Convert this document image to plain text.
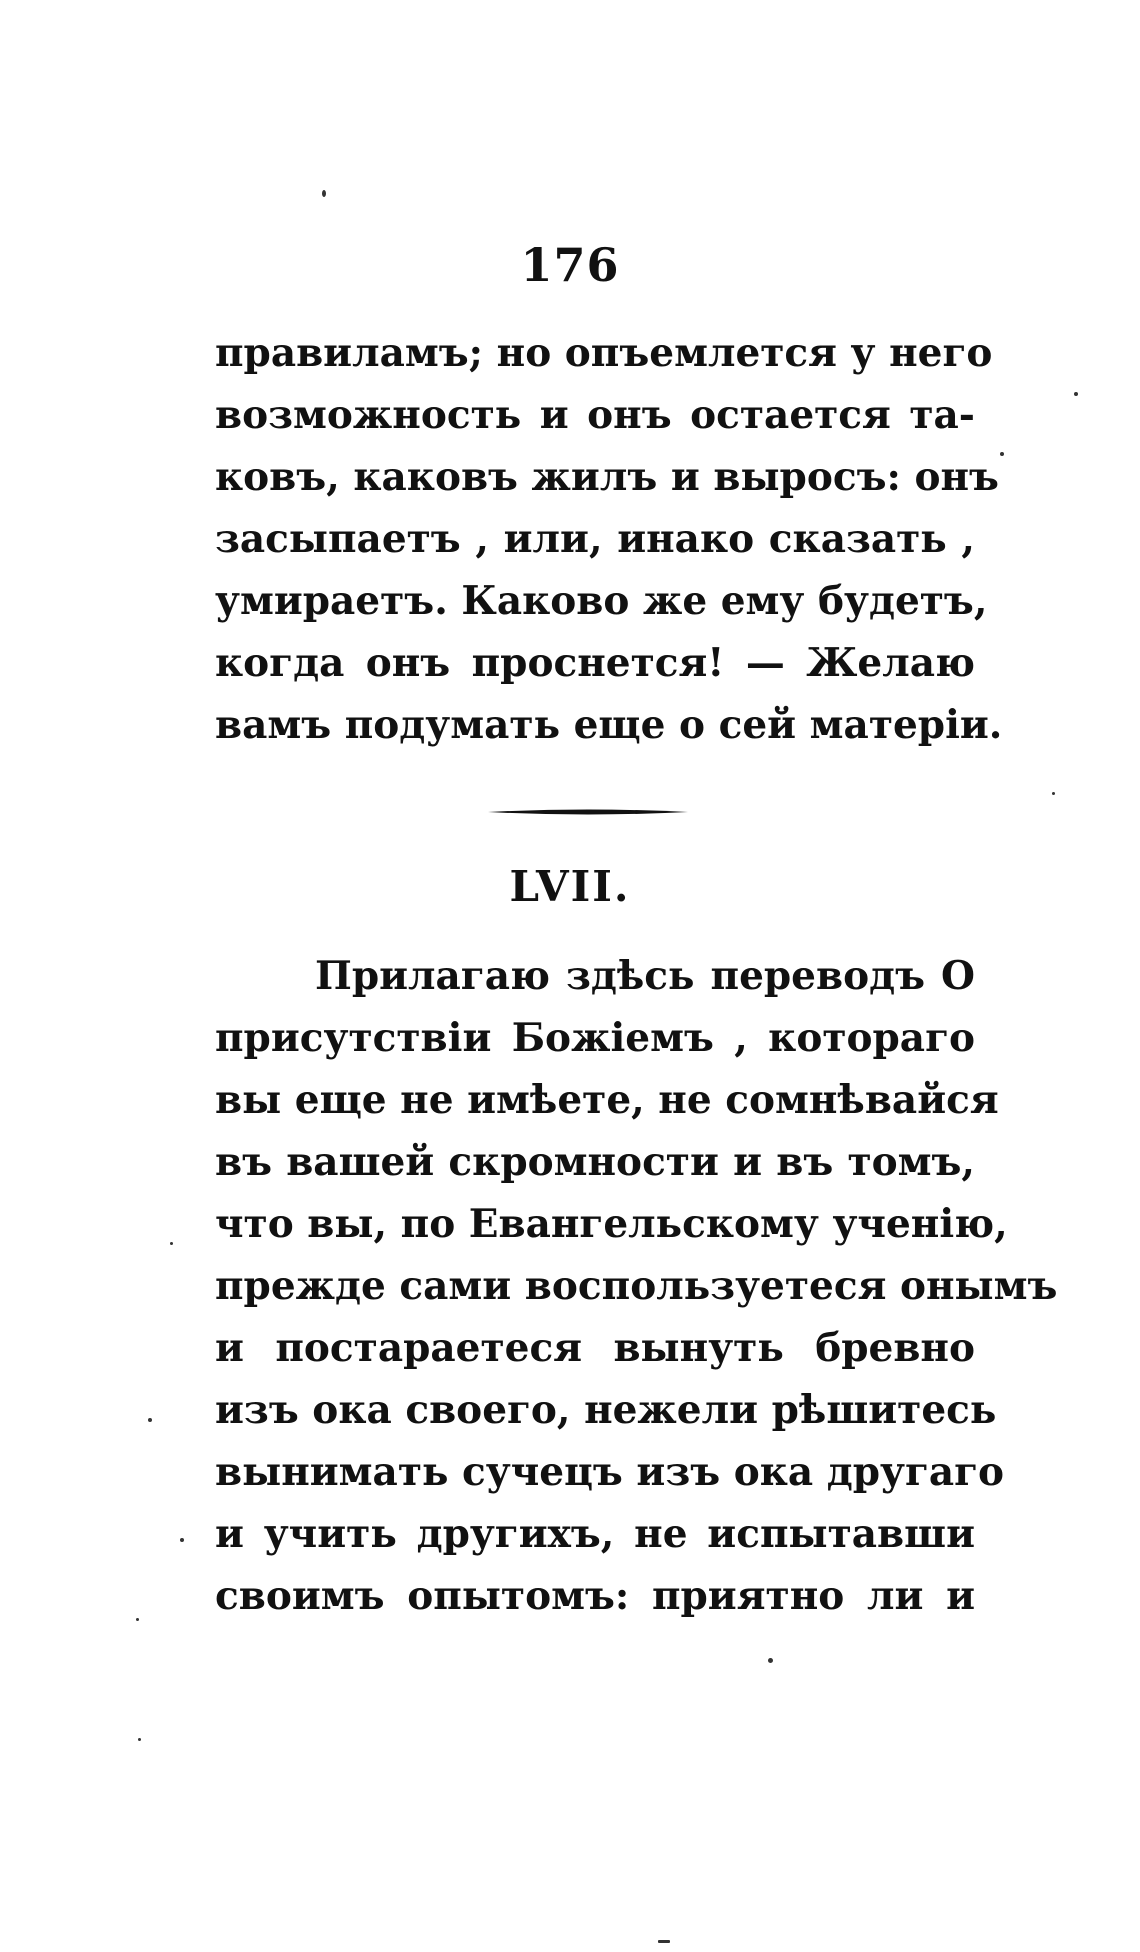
176
правиламъ; но опъемлется у него
возможность и онъ остается та-
ковъ, каковъ жилъ и выросъ: онъ
засыпаетъ , или, инако сказать ,
умираетъ. Каково же ему будетъ,
когда онъ проснется! — Желаю
вамъ подумать еще о сей матеріи.
LVII.
Прилагаю здѣсь переводъ О
присутствіи Божіемъ , котораго
вы еще не имѣете, не сомнѣвайся
въ вашей скромности и въ томъ,
что вы, по Евангельскому ученію,
прежде сами воспользуетеся онымъ
и постараетеся вынуть бревно
изъ ока своего, нежели рѣшитесь
вынимать сучецъ изъ ока другаго
и учить другихъ, не испытавши
своимъ опытомъ: приятно ли и
